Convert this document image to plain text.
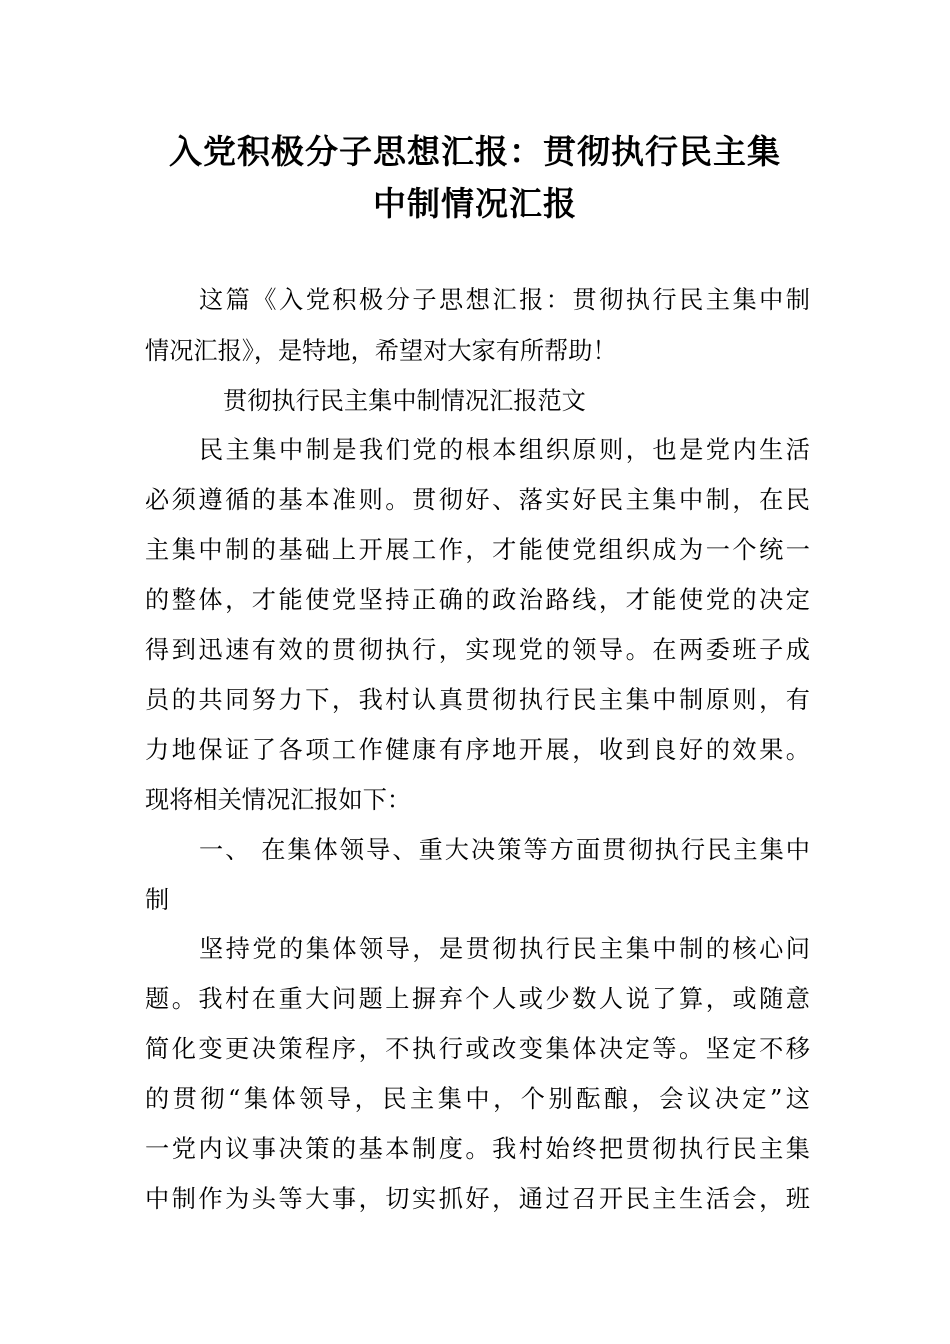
入党积极分子思想汇报：贯彻执行民主集
中制情况汇报
这篇《入党积极分子思想汇报：贯彻执行民主集中制
情况汇报》，是特地，希望对大家有所帮助！
贯彻执行民主集中制情况汇报范文
民主集中制是我们党的根本组织原则，也是党内生活
必须遵循的基本准则。贯彻好、落实好民主集中制，在民
主集中制的基础上开展工作，才能使党组织成为一个统一
的整体，才能使党坚持正确的政治路线，才能使党的决定
得到迅速有效的贯彻执行，实现党的领导。在两委班子成
员的共同努力下，我村认真贯彻执行民主集中制原则，有
力地保证了各项工作健康有序地开展，收到良好的效果。
现将相关情况汇报如下：
一、 在集体领导、重大决策等方面贯彻执行民主集中
制
坚持党的集体领导，是贯彻执行民主集中制的核心问
题。我村在重大问题上摒弃个人或少数人说了算，或随意
简化变更决策程序，不执行或改变集体决定等。坚定不移
的贯彻“集体领导，民主集中，个别酝酿，会议决定”这
一党内议事决策的基本制度。我村始终把贯彻执行民主集
中制作为头等大事，切实抓好，通过召开民主生活会，班
